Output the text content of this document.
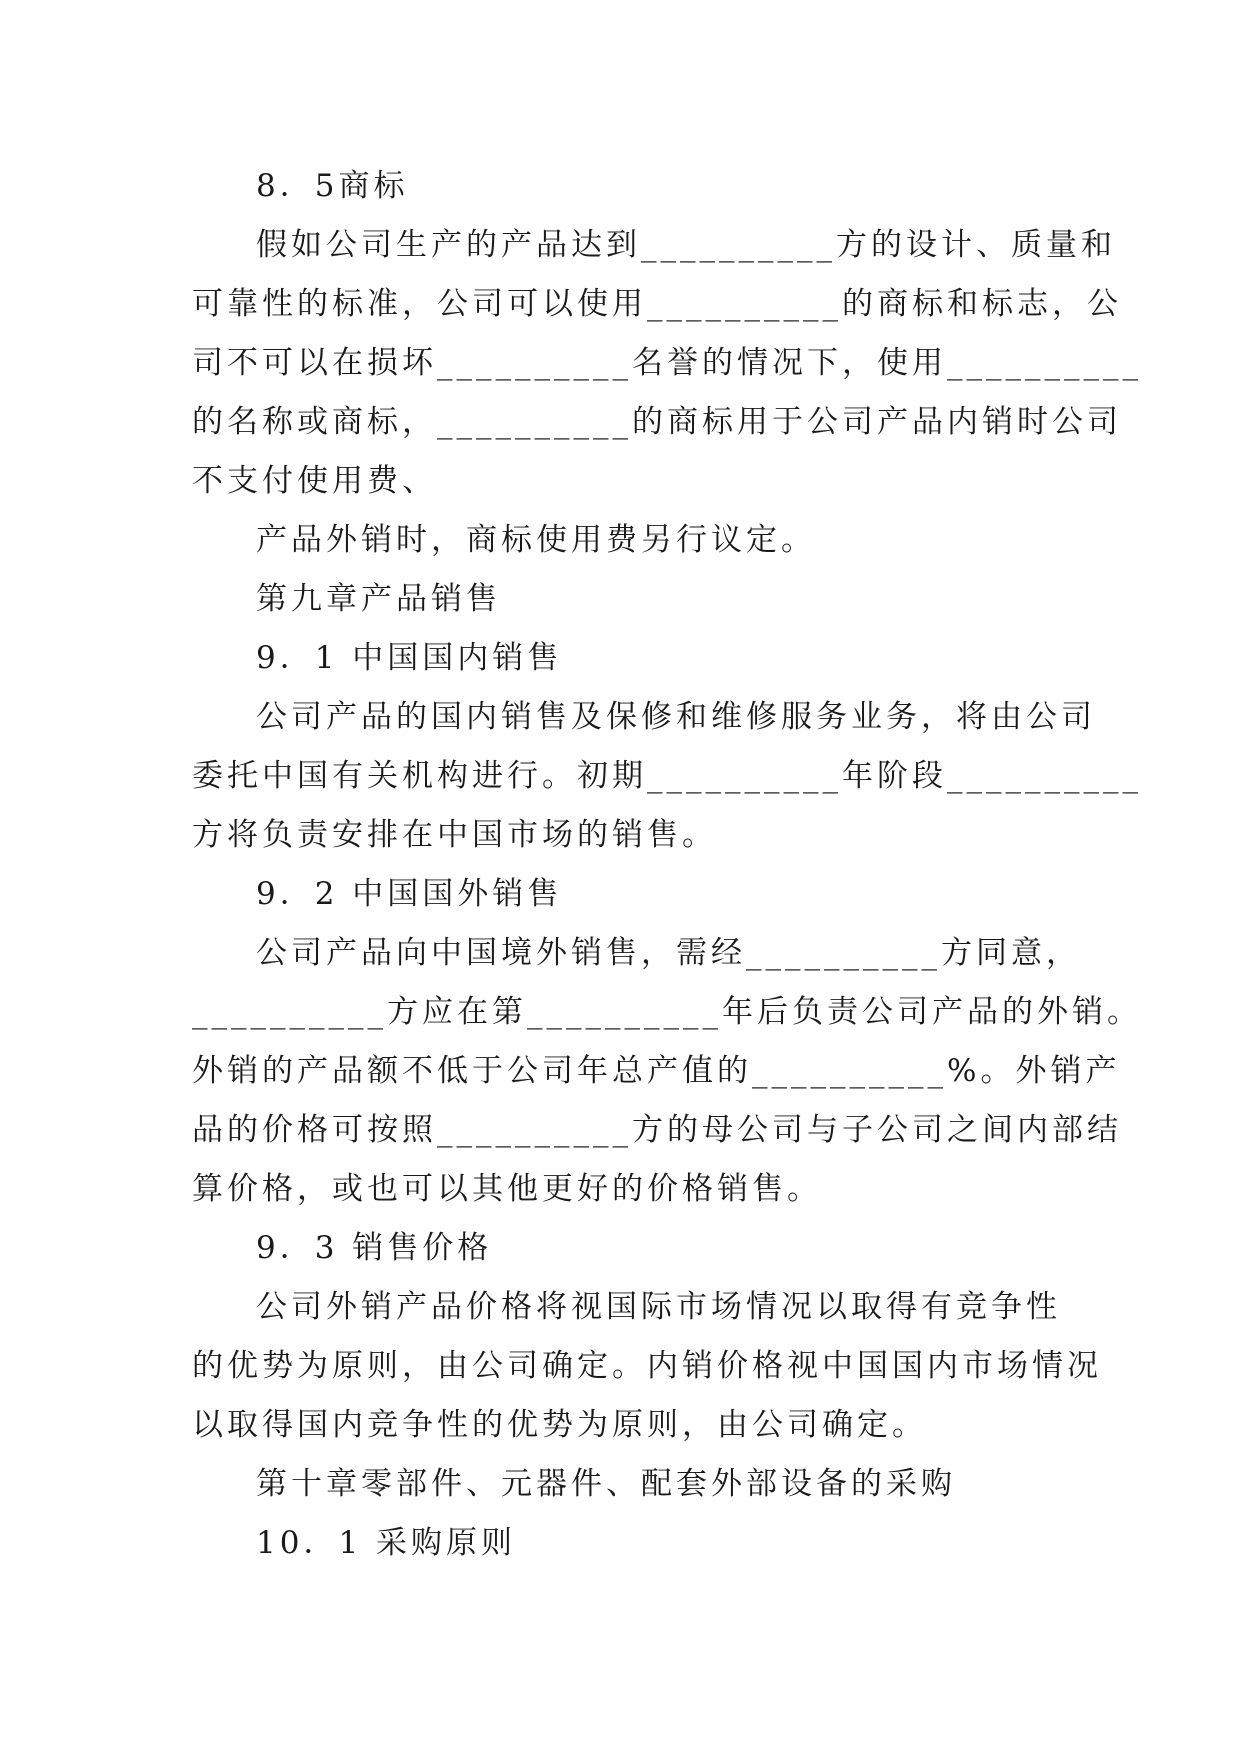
8．5商标
假如公司生产的产品达到__________方的设计、质量和
可靠性的标准，公司可以使用__________的商标和标志，公
司不可以在损坏__________名誉的情况下，使用__________
的名称或商标，__________的商标用于公司产品内销时公司
不支付使用费、
产品外销时，商标使用费另行议定。
第九章产品销售
9．1 中国国内销售
公司产品的国内销售及保修和维修服务业务，将由公司
委托中国有关机构进行。初期__________年阶段__________
方将负责安排在中国市场的销售。
9．2 中国国外销售
公司产品向中国境外销售，需经__________方同意，
__________方应在第__________年后负责公司产品的外销。
外销的产品额不低于公司年总产值的__________%。外销产
品的价格可按照__________方的母公司与子公司之间内部结
算价格，或也可以其他更好的价格销售。
9．3 销售价格
公司外销产品价格将视国际市场情况以取得有竞争性
的优势为原则，由公司确定。内销价格视中国国内市场情况
以取得国内竞争性的优势为原则，由公司确定。
第十章零部件、元器件、配套外部设备的采购
10．1 采购原则
